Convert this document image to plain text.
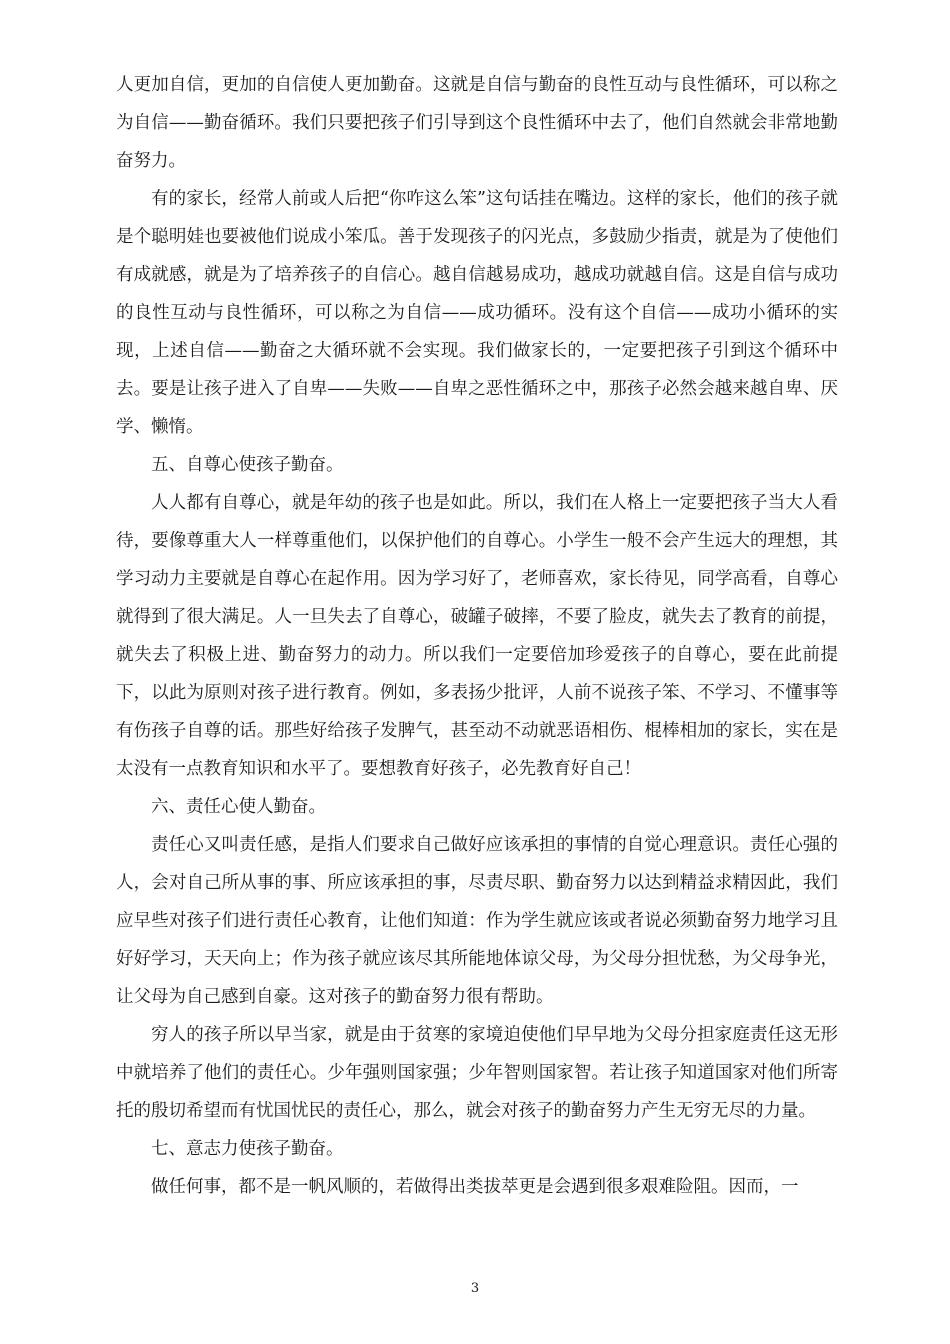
人更加自信，更加的自信使人更加勤奋。这就是自信与勤奋的良性互动与良性循环，可以称之为自信——勤奋循环。我们只要把孩子们引导到这个良性循环中去了，他们自然就会非常地勤奋努力。

有的家长，经常人前或人后把“你咋这么笨”这句话挂在嘴边。这样的家长，他们的孩子就是个聪明娃也要被他们说成小笨瓜。善于发现孩子的闪光点，多鼓励少指责，就是为了使他们有成就感，就是为了培养孩子的自信心。越自信越易成功，越成功就越自信。这是自信与成功的良性互动与良性循环，可以称之为自信——成功循环。没有这个自信——成功小循环的实现，上述自信——勤奋之大循环就不会实现。我们做家长的，一定要把孩子引到这个循环中去。要是让孩子进入了自卑——失败——自卑之恶性循环之中，那孩子必然会越来越自卑、厌学、懒惰。

五、自尊心使孩子勤奋。

人人都有自尊心，就是年幼的孩子也是如此。所以，我们在人格上一定要把孩子当大人看待，要像尊重大人一样尊重他们，以保护他们的自尊心。小学生一般不会产生远大的理想，其学习动力主要就是自尊心在起作用。因为学习好了，老师喜欢，家长待见，同学高看，自尊心就得到了很大满足。人一旦失去了自尊心，破罐子破摔，不要了脸皮，就失去了教育的前提，就失去了积极上进、勤奋努力的动力。所以我们一定要倍加珍爱孩子的自尊心，要在此前提下，以此为原则对孩子进行教育。例如，多表扬少批评，人前不说孩子笨、不学习、不懂事等有伤孩子自尊的话。那些好给孩子发脾气，甚至动不动就恶语相伤、棍棒相加的家长，实在是太没有一点教育知识和水平了。要想教育好孩子，必先教育好自己！

六、责任心使人勤奋。

责任心又叫责任感，是指人们要求自己做好应该承担的事情的自觉心理意识。责任心强的人，会对自己所从事的事、所应该承担的事，尽责尽职、勤奋努力以达到精益求精因此，我们应早些对孩子们进行责任心教育，让他们知道：作为学生就应该或者说必须勤奋努力地学习且好好学习，天天向上；作为孩子就应该尽其所能地体谅父母，为父母分担忧愁，为父母争光，让父母为自己感到自豪。这对孩子的勤奋努力很有帮助。

穷人的孩子所以早当家，就是由于贫寒的家境迫使他们早早地为父母分担家庭责任这无形中就培养了他们的责任心。少年强则国家强；少年智则国家智。若让孩子知道国家对他们所寄托的殷切希望而有忧国忧民的责任心，那么，就会对孩子的勤奋努力产生无穷无尽的力量。

七、意志力使孩子勤奋。

做任何事，都不是一帆风顺的，若做得出类拔萃更是会遇到很多艰难险阻。因而，一

3
